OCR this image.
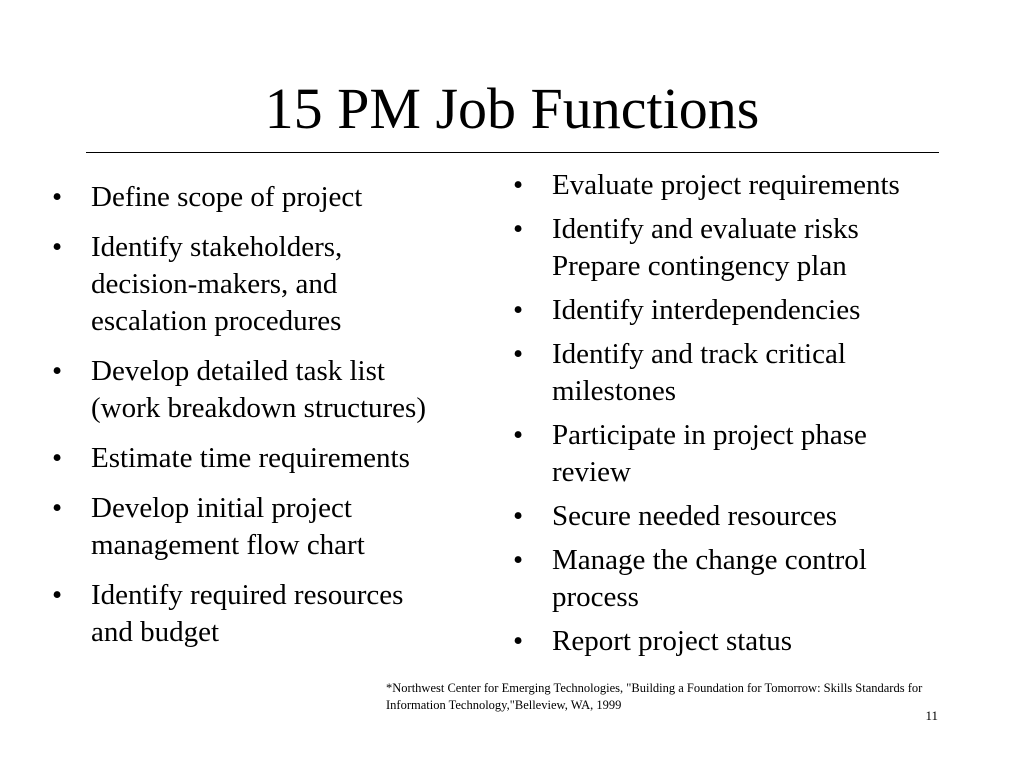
15 PM Job Functions
• Define scope of project
• Identify stakeholders,
decision-makers, and
escalation procedures
• Develop detailed task list
(work breakdown structures)
• Estimate time requirements
• Develop initial project
management flow chart
• Identify required resources
and budget
• Evaluate project requirements
• Identify and evaluate risks
Prepare contingency plan
• Identify interdependencies
• Identify and track critical
milestones
• Participate in project phase
review
• Secure needed resources
• Manage the change control
process
• Report project status
*Northwest Center for Emerging Technologies, "Building a Foundation for Tomorrow: Skills Standards for
Information Technology,"Belleview, WA, 1999
11
